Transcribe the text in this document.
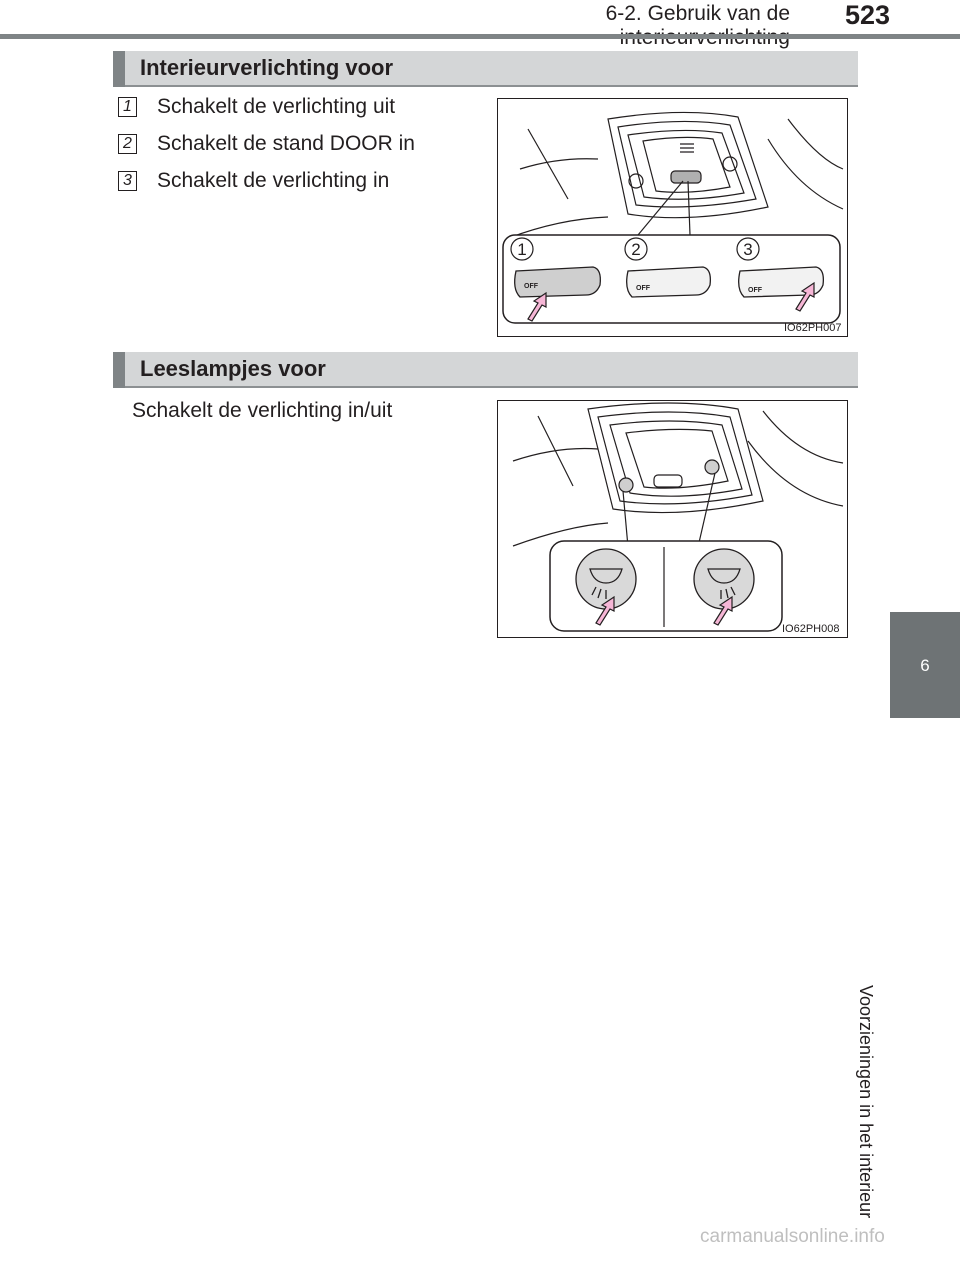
6-2. Gebruik van de	523
6
Voorzieningen in het interieur
Interieurverlichting voor
1 Schakelt de verlichting uit
2 Schakelt de stand DOOR in
3 Schakelt de verlichting in
OFF	OFF	OFF
1	2	3
IO62PH007
Leeslampjes voor
Schakelt de verlichting in/uit
IO62PH008
carmanualsonline.info
